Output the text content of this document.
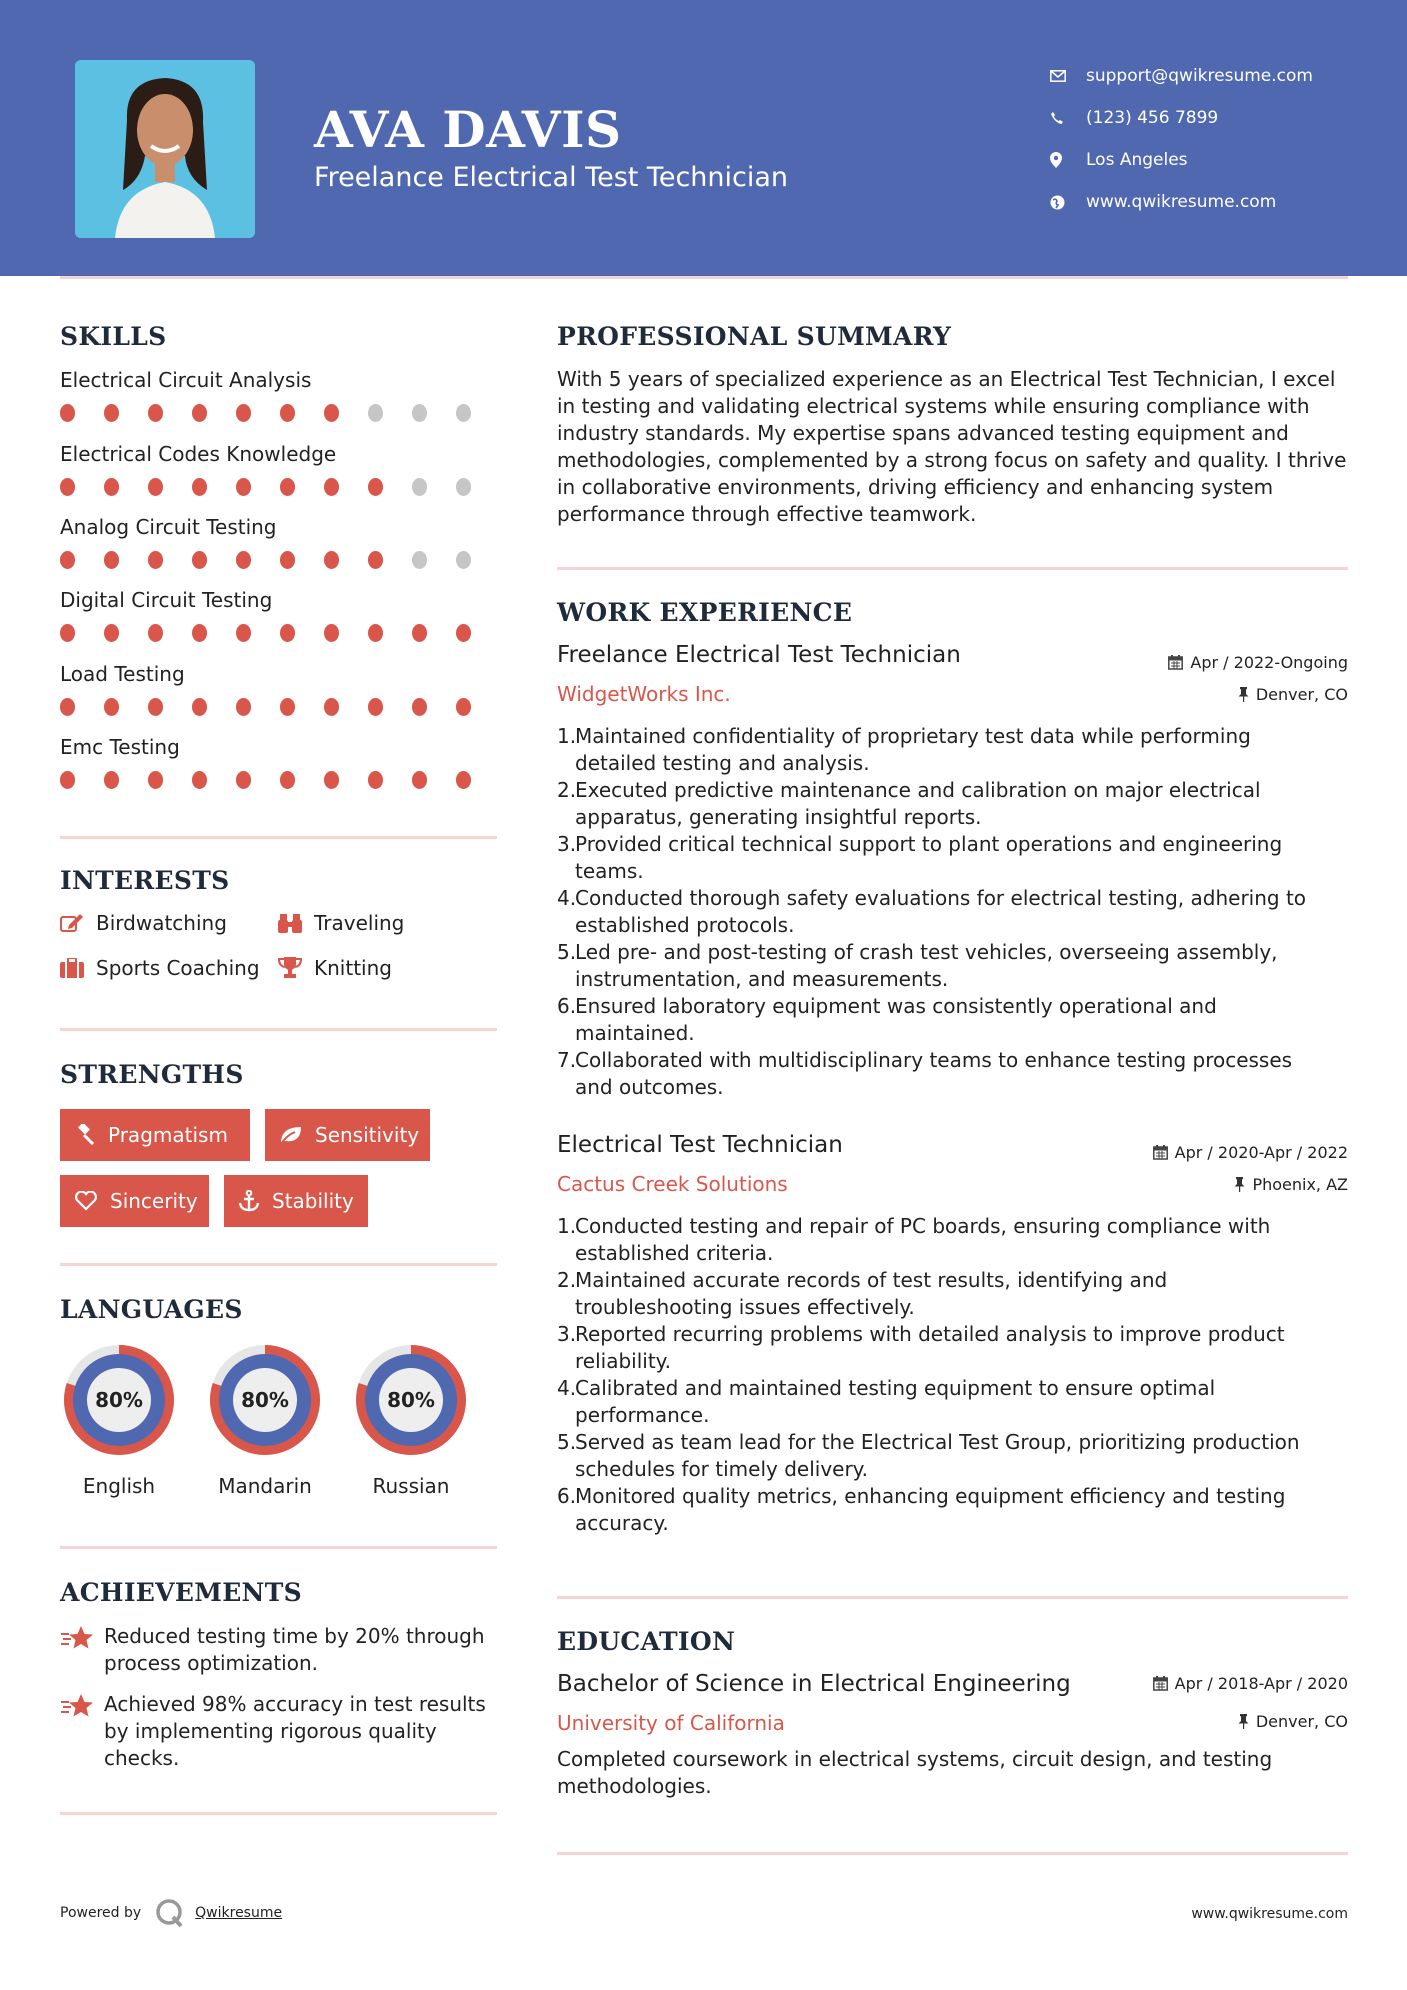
AVA DAVIS
Freelance Electrical Test Technician
support@qwikresume.com
(123) 456 7899
Los Angeles
www.qwikresume.com
SKILLS
Electrical Circuit Analysis
Electrical Codes Knowledge
Analog Circuit Testing
Digital Circuit Testing
Load Testing
Emc Testing
INTERESTS
Birdwatching	Traveling
Sports Coaching	Knitting
STRENGTHS
Pragmatism	Sensitivity
Sincerity	Stability
LANGUAGES
80%
English
80%
Mandarin
80%
Russian
ACHIEVEMENTS
Reduced testing time by 20% through process optimization.
Achieved 98% accuracy in test results by implementing rigorous quality checks.
PROFESSIONAL SUMMARY
With 5 years of specialized experience as an Electrical Test Technician, I excel in testing and validating electrical systems while ensuring compliance with industry standards. My expertise spans advanced testing equipment and methodologies, complemented by a strong focus on safety and quality. I thrive in collaborative environments, driving efficiency and enhancing system performance through effective teamwork.
WORK EXPERIENCE
Freelance Electrical Test Technician	Apr / 2022-Ongoing
WidgetWorks Inc.	Denver, CO
1.
Maintained confidentiality of proprietary test data while performing
detailed testing and analysis.
2.
Executed predictive maintenance and calibration on major electrical
apparatus, generating insightful reports.
3.
Provided critical technical support to plant operations and engineering
teams.
4.
Conducted thorough safety evaluations for electrical testing, adhering to
established protocols.
5.
Led pre- and post-testing of crash test vehicles, overseeing assembly,
instrumentation, and measurements.
6.
Ensured laboratory equipment was consistently operational and
maintained.
7.
Collaborated with multidisciplinary teams to enhance testing processes
and outcomes.
Electrical Test Technician	Apr / 2020-Apr / 2022
Cactus Creek Solutions	Phoenix, AZ
1.
Conducted testing and repair of PC boards, ensuring compliance with
established criteria.
2.
Maintained accurate records of test results, identifying and
troubleshooting issues effectively.
3.
Reported recurring problems with detailed analysis to improve product
reliability.
4.
Calibrated and maintained testing equipment to ensure optimal
performance.
5.
Served as team lead for the Electrical Test Group, prioritizing production
schedules for timely delivery.
6.
Monitored quality metrics, enhancing equipment efficiency and testing
accuracy.
EDUCATION
Bachelor of Science in Electrical Engineering	Apr / 2018-Apr / 2020
University of California	Denver, CO
Completed coursework in electrical systems, circuit design, and testing methodologies.
Powered by	Qwikresume	www.qwikresume.com
